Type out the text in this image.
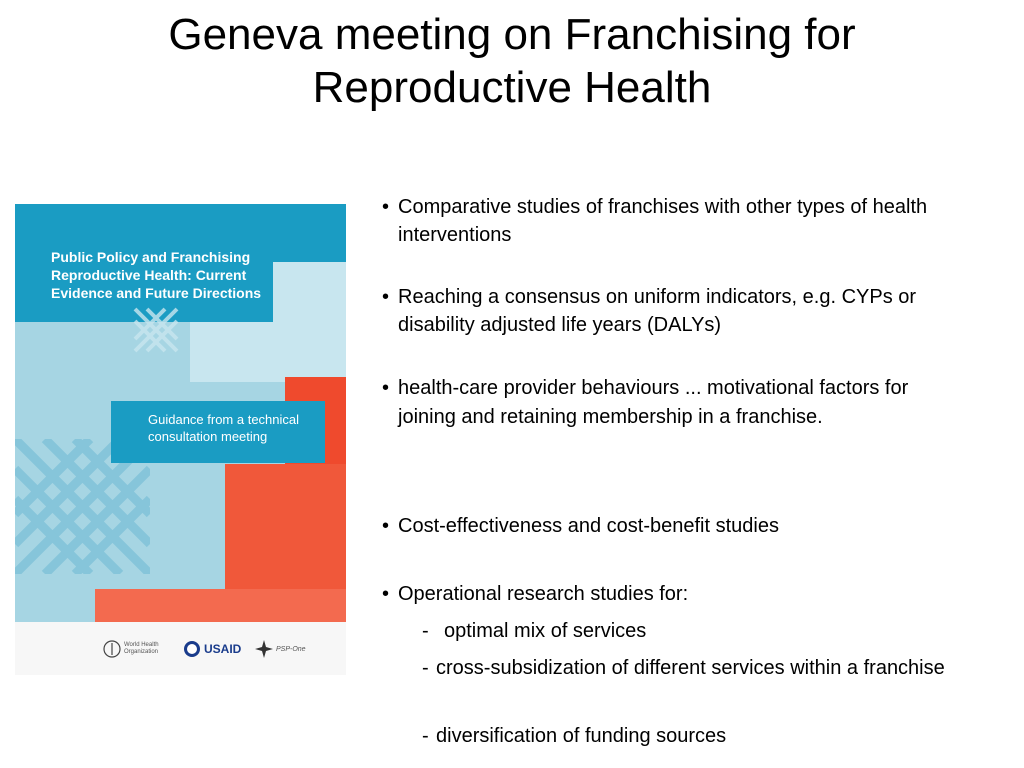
Geneva meeting on Franchising for
Reproductive Health
Public Policy and Franchising Reproductive Health: Current Evidence and Future Directions
Guidance from a technical consultation meeting
World Health Organization	USAID	PSP-One
• Comparative studies of franchises with other types of health interventions
• Reaching a consensus on uniform indicators, e.g. CYPs or disability adjusted life years (DALYs)
• health-care provider behaviours ... motivational factors for joining and retaining membership in a franchise.
• Cost-effectiveness and cost-benefit studies
• Operational research studies for:
- optimal mix of services
- cross-subsidization of different services within a franchise
- diversification of funding sources
